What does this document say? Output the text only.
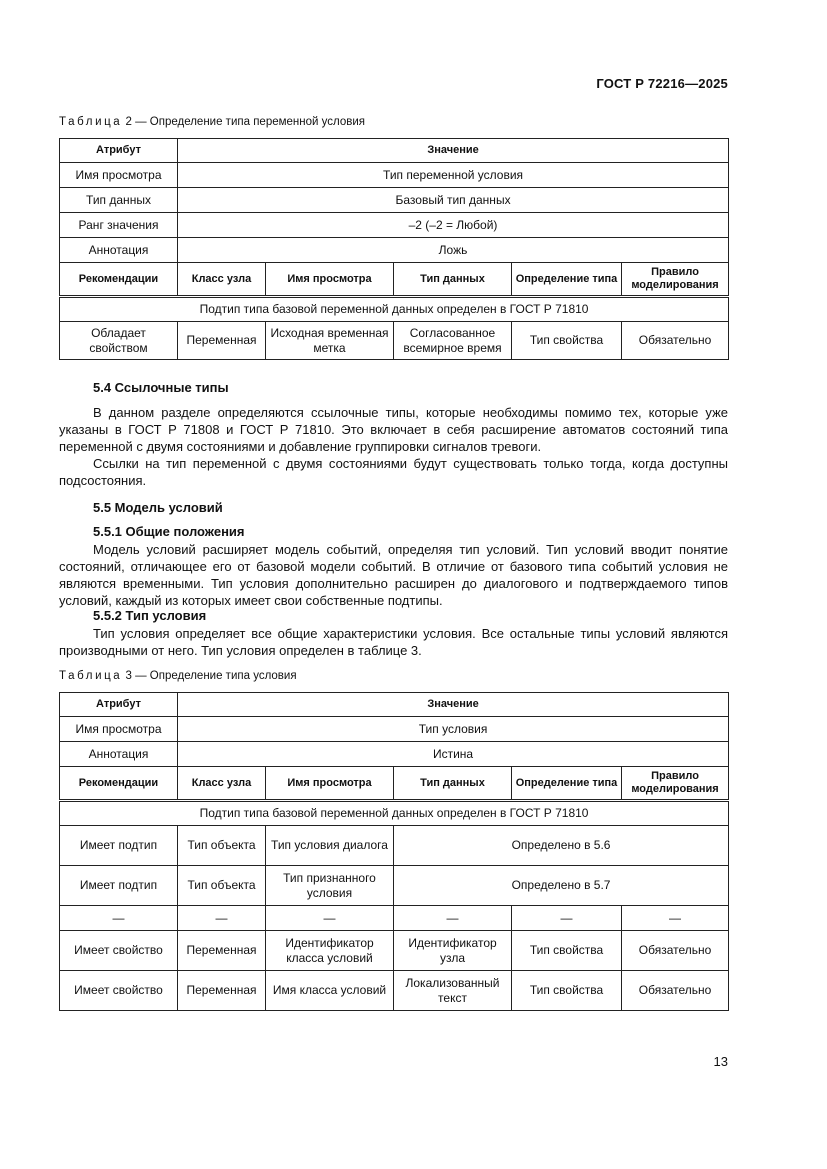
ГОСТ Р 72216—2025
Таблица 2 — Определение типа переменной условия
Атрибут	Значение				
Имя просмотра	Тип переменной условия				
Тип данных	Базовый тип данных				
Ранг значения	–2 (–2 = Любой)				
Аннотация	Ложь				
Рекомендации	Класс узла	Имя просмотра	Тип данных	Определение типа	Правило моделирования
Подтип типа базовой переменной данных определен в ГОСТ Р 71810					
Обладает свойством	Переменная	Исходная временная метка	Согласованное всемирное время	Тип свойства	Обязательно
5.4 Ссылочные типы

В данном разделе определяются ссылочные типы, которые необходимы помимо тех, которые уже указаны в ГОСТ Р 71808 и ГОСТ Р 71810. Это включает в себя расширение автоматов состояний типа переменной с двумя состояниями и добавление группировки сигналов тревоги.

Ссылки на тип переменной с двумя состояниями будут существовать только тогда, когда доступны подсостояния.

5.5 Модель условий
5.5.1 Общие положения

Модель условий расширяет модель событий, определяя тип условий. Тип условий вводит понятие состояний, отличающее его от базовой модели событий. В отличие от базового типа событий условия не являются временными. Тип условия дополнительно расширен до диалогового и подтверждаемого типов условий, каждый из которых имеет свои собственные подтипы.

5.5.2 Тип условия

Тип условия определяет все общие характеристики условия. Все остальные типы условий являются производными от него. Тип условия определен в таблице 3.

Таблица 3 — Определение типа условия
Атрибут	Значение				
Имя просмотра	Тип условия				
Аннотация	Истина				
Рекомендации	Класс узла	Имя просмотра	Тип данных	Определение типа	Правило моделирования
Подтип типа базовой переменной данных определен в ГОСТ Р 71810					
Имеет подтип	Тип объекта	Тип условия диалога	Определено в 5.6		
Имеет подтип	Тип объекта	Тип признанного условия	Определено в 5.7		
—	—	—	—	—	—
Имеет свойство	Переменная	Идентификатор класса условий	Идентификатор узла	Тип свойства	Обязательно
Имеет свойство	Переменная	Имя класса условий	Локализованный текст	Тип свойства	Обязательно
13
